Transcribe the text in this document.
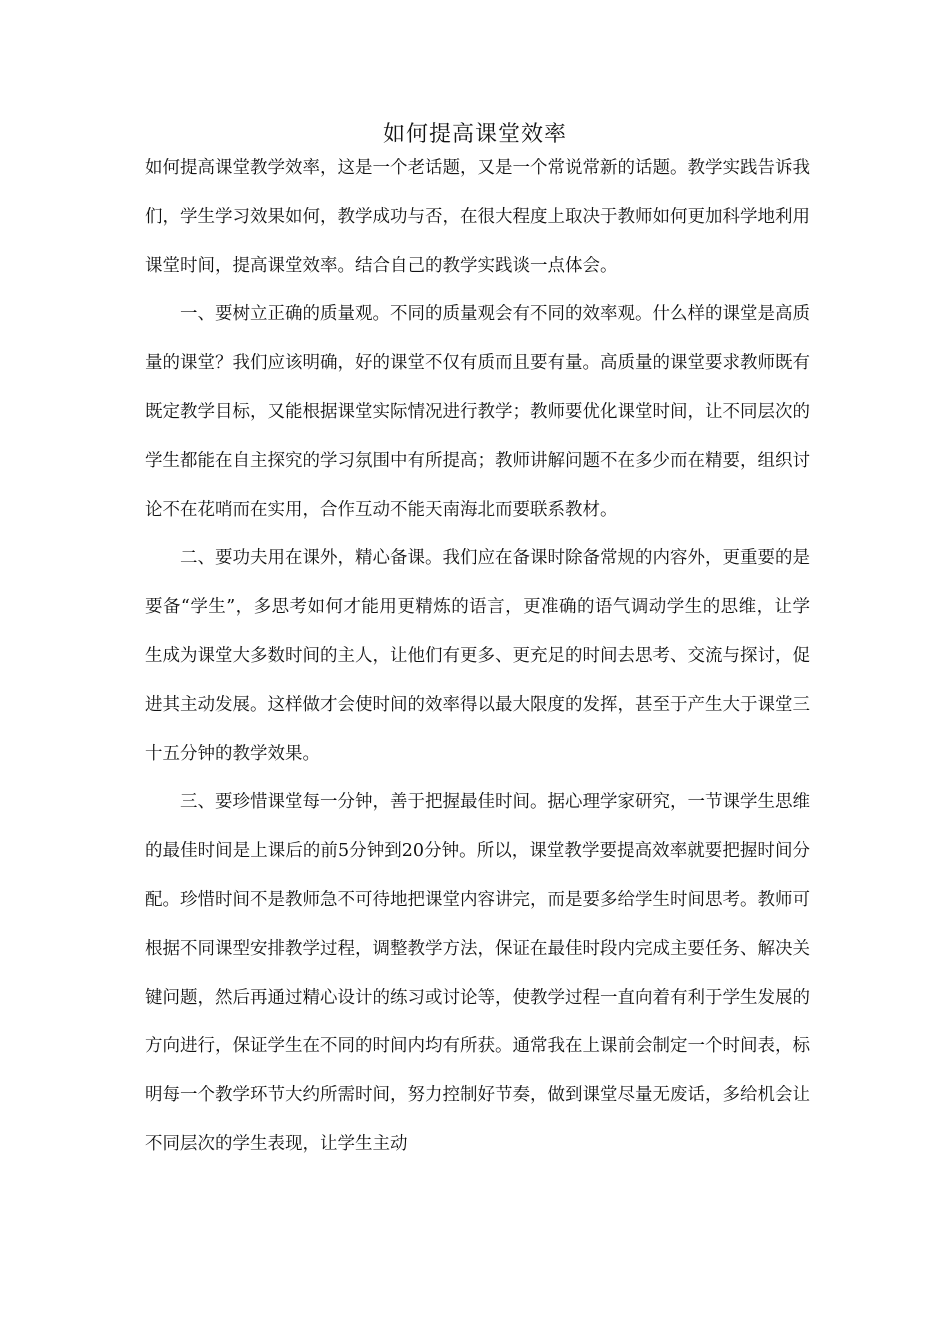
如何提高课堂效率

如何提高课堂教学效率，这是一个老话题，又是一个常说常新的话题。教学实践告诉我们，学生学习效果如何，教学成功与否，在很大程度上取决于教师如何更加科学地利用课堂时间，提高课堂效率。结合自己的教学实践谈一点体会。

一、要树立正确的质量观。不同的质量观会有不同的效率观。什么样的课堂是高质量的课堂？我们应该明确，好的课堂不仅有质而且要有量。高质量的课堂要求教师既有既定教学目标，又能根据课堂实际情况进行教学；教师要优化课堂时间，让不同层次的学生都能在自主探究的学习氛围中有所提高；教师讲解问题不在多少而在精要，组织讨论不在花哨而在实用，合作互动不能天南海北而要联系教材。

二、要功夫用在课外，精心备课。我们应在备课时除备常规的内容外，更重要的是要备“学生”，多思考如何才能用更精炼的语言，更准确的语气调动学生的思维，让学生成为课堂大多数时间的主人，让他们有更多、更充足的时间去思考、交流与探讨，促进其主动发展。这样做才会使时间的效率得以最大限度的发挥，甚至于产生大于课堂三十五分钟的教学效果。

三、要珍惜课堂每一分钟，善于把握最佳时间。据心理学家研究，一节课学生思维的最佳时间是上课后的前5分钟到20分钟。所以，课堂教学要提高效率就要把握时间分配。珍惜时间不是教师急不可待地把课堂内容讲完，而是要多给学生时间思考。教师可根据不同课型安排教学过程，调整教学方法，保证在最佳时段内完成主要任务、解决关键问题，然后再通过精心设计的练习或讨论等，使教学过程一直向着有利于学生发展的方向进行，保证学生在不同的时间内均有所获。通常我在上课前会制定一个时间表，标明每一个教学环节大约所需时间，努力控制好节奏，做到课堂尽量无废话，多给机会让不同层次的学生表现，让学生主动
